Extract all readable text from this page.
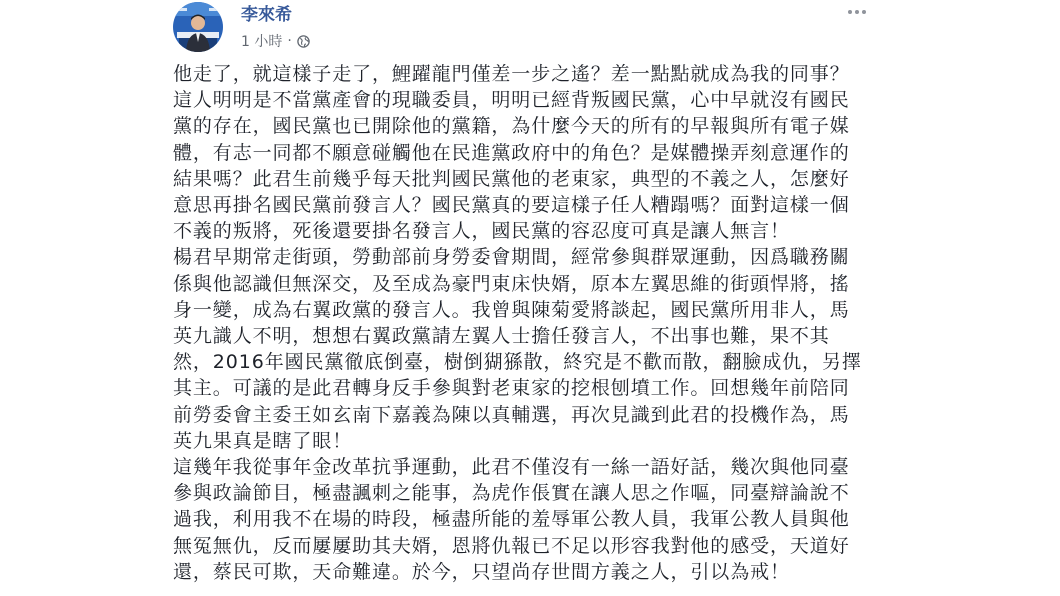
李來希
1 小時 ·

他走了，就這樣子走了，鯉躍龍門僅差一步之遙？差一點點就成為我的同事？這人明明是不當黨產會的現職委員，明明已經背叛國民黨，心中早就沒有國民黨的存在，國民黨也已開除他的黨籍，為什麼今天的所有的早報與所有電子媒體，有志一同都不願意碰觸他在民進黨政府中的角色？是媒體操弄刻意運作的結果嗎？此君生前幾乎每天批判國民黨他的老東家，典型的不義之人，怎麼好意思再掛名國民黨前發言人？國民黨真的要這樣子任人糟蹋嗎？面對這樣一個不義的叛將，死後還要掛名發言人，國民黨的容忍度可真是讓人無言！

楊君早期常走街頭，勞動部前身勞委會期間，經常參與群眾運動，因爲職務關係與他認識但無深交，及至成為豪門東床快婿，原本左翼思維的街頭悍將，搖身一變，成為右翼政黨的發言人。我曾與陳菊愛將談起，國民黨所用非人，馬英九識人不明，想想右翼政黨請左翼人士擔任發言人，不出事也難，果不其然，2016年國民黨徹底倒臺，樹倒猢猻散，終究是不歡而散，翻臉成仇，另擇其主。可議的是此君轉身反手參與對老東家的挖根刨墳工作。回想幾年前陪同前勞委會主委王如玄南下嘉義為陳以真輔選，再次見識到此君的投機作為，馬英九果真是瞎了眼！

這幾年我從事年金改革抗爭運動，此君不僅沒有一絲一語好話，幾次與他同臺參與政論節目，極盡諷刺之能事，為虎作倀實在讓人思之作嘔，同臺辯論說不過我，利用我不在場的時段，極盡所能的羞辱軍公教人員，我軍公教人員與他無冤無仇，反而屢屢助其夫婿，恩將仇報已不足以形容我對他的感受，天道好還，蔡民可欺，天命難違。於今，只望尚存世間方義之人，引以為戒！
